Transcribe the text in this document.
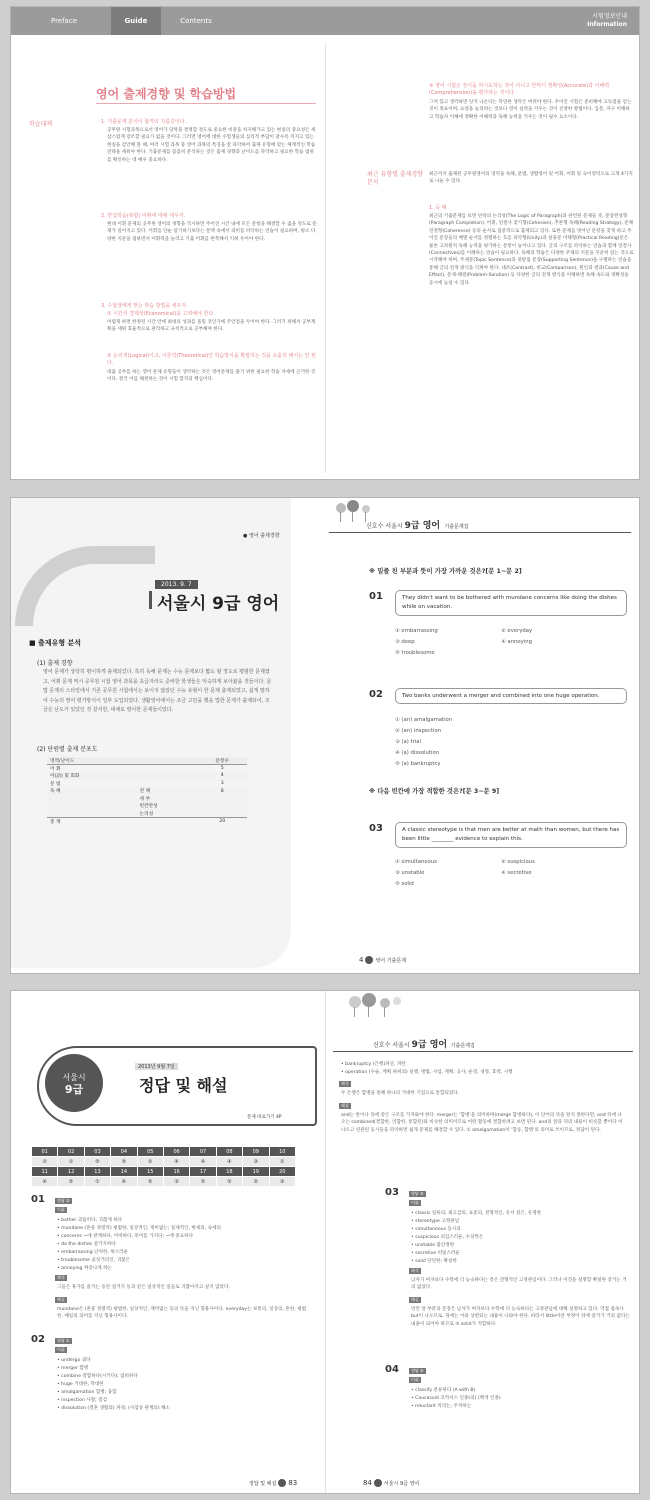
Preface	Guide	Contents
시험정보안내
Information
영어 출제경향 및 학습방법
학습대책	1. 기출문제 분석이 합격의 지름길이다.
공무원 시험과목으로서 영어가 당락을 결정할 정도로 중요한 비중을 차지해가고 있는 현실의 중요성은 새삼스럽게 강조할 필요가 없을 것이다. 그러면 영어에 대한 수험생들의 심리적 부담이 갈수록 커지고 있는 현실을 감안해 볼 때, 여러 시험 과목 중 영어 과목의 특징을 잘 파악하여 출제 유형에 맞는 체계적인 학습 전략을 세워야 한다. 기출문제를 꼼꼼히 분석하는 것은 출제 경향과 난이도를 파악하고 필요한 학습 범위를 확인하는 데 매우 중요하다.
2. 반집학습(복합) 어휘에 대해 세우자.
현대 어휘 문제의 공무원 영어의 경향을 직시하면 주어진 시간 내에 모든 문항을 해결할 수 없을 정도로 문제가 길어지고 있다. 어휘를 단순 암기하기보다는 문맥 속에서 의미를 파악하는 연습이 필요하며, 평소 다양한 지문을 접하면서 어휘력을 늘리고 기출 어휘를 반복해서 익혀 두어야 한다.
3. 수험생에게 맞는 학습 방법을 세우자.
① 시간의 경제성(Economical)을 고려해야 한다.
어렵게 하면 한정된 시간 안에 최대의 성과를 올릴 것인가에 주안점을 두어야 한다. 그러기 위해서 공부계획을 세워 효율적으로 관리하고 규칙적으로 공부해야 한다.
② 논리적(Logical)이고, 이론적(Theoretical)인 학습방식을 확립하는 것을 소홀히 해서는 안 된다.
대출 공부를 하는 영어 문제 유형들이 생각하는 것은 영어문제를 풀기 위한 필요한 학습 자세에 근거한 것이다. 결국 이를 해결하는 것이 시험 합격의 핵심이다.
③ 영어 시험은 정식을 하시도하는 것이 아니고 한마디 정확성(Accurate)과 이해력(Comprehension)을 평가하는 것이다.
그저 있고 생각하면 단지 나온다는 막연한 생각은 버려야 한다. 주어진 시험은 준비해야 고득점을 얻는 것이 목표이며, 요령을 늘리려는 것보다 영어 실력을 키우는 것이 진정한 방법이다. 입문, 자구 이해하고 학습자 이해에 정확한 이해력과 독해 능력을 키우는 것이 필수 요소이다.
최근 유형별 출제경향분석
최근까지 출제된 공무원영어의 영역을 독해, 문법, 생활영어 및 어휘, 어휘 및 숙어영역으로 크게 4가지로 나눌 수 있다.
1. 독 해
최근의 기출문제를 보면 단락의 논리성(The Logic of Paragraph)과 관련된 문제들 즉, 문장완성형(Paragraph Completion), 어휘, 연결사 찾기형(Cohesion), 추론형 독해(Reading Strategy), 문체 연결형(Coherence) 등의 순서로 집중적으로 출제되고 있다. 또한 문제를 벗어난 문항을 찾게 하고 주어진 문장들의 배열 순서를 정렬하는 흐름 파악형(Unity)과 실용문 이해형(Practical Reading)문은 물론 고차원적 독해 능력을 평가하는 문항이 늘어나고 있다. 글의 구조를 파악하는 연습과 함께 연결사(Connectives)를 이해하는 연습이 필요하다. 독해의 학습은 다양한 주제의 지문을 꾸준히 읽는 것으로 시작해야 하며, 주제문(Topic Sentence)과 뒷받침 문장(Supporting Sentence)을 구별하는 연습을 통해 글의 전개 방식을 익혀야 한다. 대조(Contrast), 비교(Comparison), 원인과 결과(Cause and Effect), 문제-해결(Problem-Solution) 등 다양한 글의 전개 방식을 이해하면 독해 속도와 정확성을 동시에 높일 수 있다.
● 영어 출제경향
2013. 9. 7
서울시 9급 영어
■ 출제유형 분석
(1) 출제 경향
영어 문제가 상당히 평이하게 출제되었다. 특히 독해 문제는 수능 문제보다 짧도 할 정도로 평범한 문제였고, 어휘 문제 역시 공무원 시험 영어 과목을 초급자라도 준비한 학생들은 익숙하게 보아왔을 것들이다. 문법 문제의 스타일에서 기존 공무원 시험에서는 보이지 않았던 수능 유형이 한 문제 출제되었고, 쉽게 말하여 수능의 영어 평가방식이 일부 도입되었다. 생활영어에서는 조금 고민을 했을 법한 문제가 출제되어, 조금은 난도가 있었던 것 같지만, 대체로 평이한 문제들이었다.
(2) 단원별 출제 분포도
영역/난이도		문항수
어 휘		5
어(語) 및 회화		4
문 법		3
독 해	전 체	8
	세 부	
	빈칸완성	
	논리성	
총 계		20
신호수 서울시 9급 영어 기출문제집
※ 밑줄 친 부분과 뜻이 가장 가까운 것은?[문 1~문 2]
01	They didn't want to be bothered with mundane concerns like doing the dishes while on vacation.
① embarrassing	② everyday
③ deep	④ annoying
⑤ troublesome
02	Two banks underwent a merger and combined into one huge operation.
① (an) amalgamation
② (an) inspection
③ (a) trial
④ (a) dissolution
⑤ (a) bankruptcy
※ 다음 빈칸에 가장 적합한 것은?[문 3~문 9]
03	A classic stereotype is that men are better at math than women, but there has been little ________ evidence to explain this.
① simultaneous	② suspicious
③ unstable	④ secretive
⑤ solid
4 영어 기출문제
서울시
9급
2013년 9월 7일
정답 및 해설
문제 바로가기 4P
01	02	03	04	05	06	07	08	09	10
②	①	⑤	⑤	②	④	④	④	③	①
11	12	13	14	15	16	17	18	19	20
④	⑤	①	④	⑤	③	②	②	②	③
01	정답 ②
어휘
• bother 괴롭히다, 귀찮게 하다
• mundane (흔중 경멸적) 평범한, 일상적인, 재미없는; 실제적인, 현세의, 속세의
• concerns ~에 관계하다, 어떠하다, 흥미를 가지다; ~에 중요하다
• do the dishes 설거지하다
• embarrassing 난처한, 쑥스러운
• troublesome 골칫거리인, 귀찮은
• annoying 짜증나게 하는
해석
그들은 휴가를 즐기는 동안 설거지 등과 같은 일상적인 일들로 귀찮아지고 싶지 않았다.
해설
mundane은 (흔중 경멸적) 평범한, 일상적인, 재미없는 등의 뜻을 지닌 형용사이다. everyday는 보통의, 일상의, 흔한, 평범한, 매일의 의미를 지닌 형용사이다.
02	정답 ①
어휘
• undergo 겪다
• merger 합병
• combine 결합하다(시키다); 겸비하다
• huge 거대한, 막대한
• amalgamation 합병; 융합
• inspection 사찰; 점검
• dissolution (결혼 생활의) 파경; (사업상 관계의) 해소
정답 및 해설 83
신호수 서울시 9급 영어 기출문제집
• bankruptcy (은행)파산, 파탄
• operation (수술, 계획 따위의) 실행, 방법, 사업, 계획; 공사; 운영, 경영, 효력, 시행
해석
두 은행은 합병을 통해 하나의 거대한 기업으로 통합되었다.
해설
and는 앞이나 뒤에 같은 구조를 가져와야 한다. merger는 '합병'을 의미하며(merge 합병하다), 이 단어의 뜻을 알지 못한다면, and 뒤에 나오는 combined(결합한, 연합한, 통합된)와 비슷한 의미이므로 어떤 활동에 결합하려고 보면 된다. and의 앞과 뒤의 내용이 비슷할 뿐이다 이 나오고 연관된 동사들을 파악하면 쉽게 문제를 해결할 수 있다. ① amalgamation이 '합동, 합병'의 의미로 쓰이므로, 정답이 된다.
03	정답 ⑤
어휘
• classic 일류의, 최고급의, 표준의, 전형적인, 유서 깊은, 유명한
• stereotype 고정관념
• simultaneous 동시의
• suspicious 의심스러운, 수상쩍은
• unstable 불안정한
• secretive 비밀스러운
• solid 단단한; 확실한
해석
남자가 여자보다 수학에 더 능숙하다는 것은 전형적인 고정관념이다. 그러나 이것을 설명할 확실한 증거는 거의 없었다.
해설
빈칸 앞 부분의 문장은 남자가 여자보다 수학에 더 능숙하다는 고정관념에 대해 설명하고 있다. 역접 접속사 but이 나오므로, 뒤에는 이와 상반되는 내용이 나와야 한다. 따라서 little이란 부정어 뒤에 증거가 거의 없다는 내용이 되어야 하므로 ⑤ solid가 적합하다.
04	정답 ⑤
어휘
• classify 분류하다 (A with B)
• Caucasoid 코카서스 인종(의) (백색 인종)
• reluctant 꺼리는, 주저하는
84 서울시 9급 영어
